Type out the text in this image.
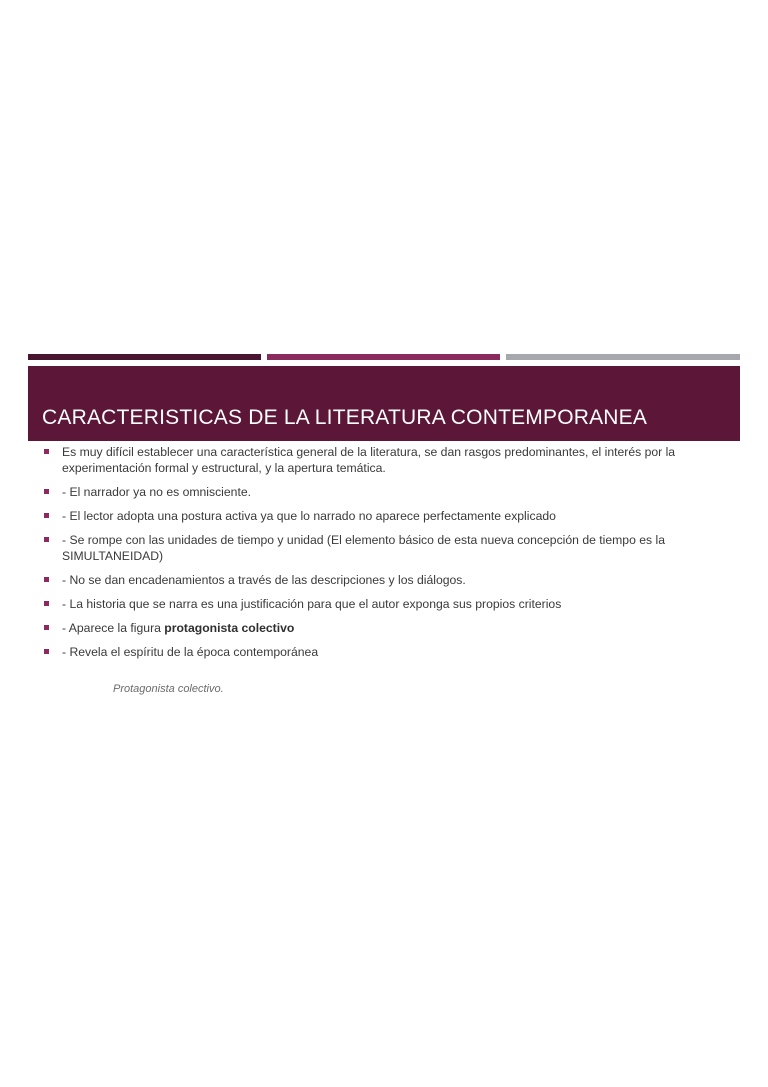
CARACTERISTICAS DE LA LITERATURA CONTEMPORANEA
Es muy difícil establecer una característica general de la literatura, se dan rasgos predominantes, el interés por la experimentación formal y estructural, y la apertura temática.
- El narrador ya no es omnisciente.
- El lector adopta una postura activa ya que lo narrado no aparece perfectamente explicado
- Se rompe con las unidades de tiempo y unidad (El elemento básico de esta nueva concepción de tiempo es la SIMULTANEIDAD)
- No se dan encadenamientos a través de las descripciones y los diálogos.
- La historia que se narra es una justificación para que el autor exponga sus propios criterios
- Aparece la figura protagonista colectivo
- Revela el espíritu de la época contemporánea

Protagonista colectivo.
